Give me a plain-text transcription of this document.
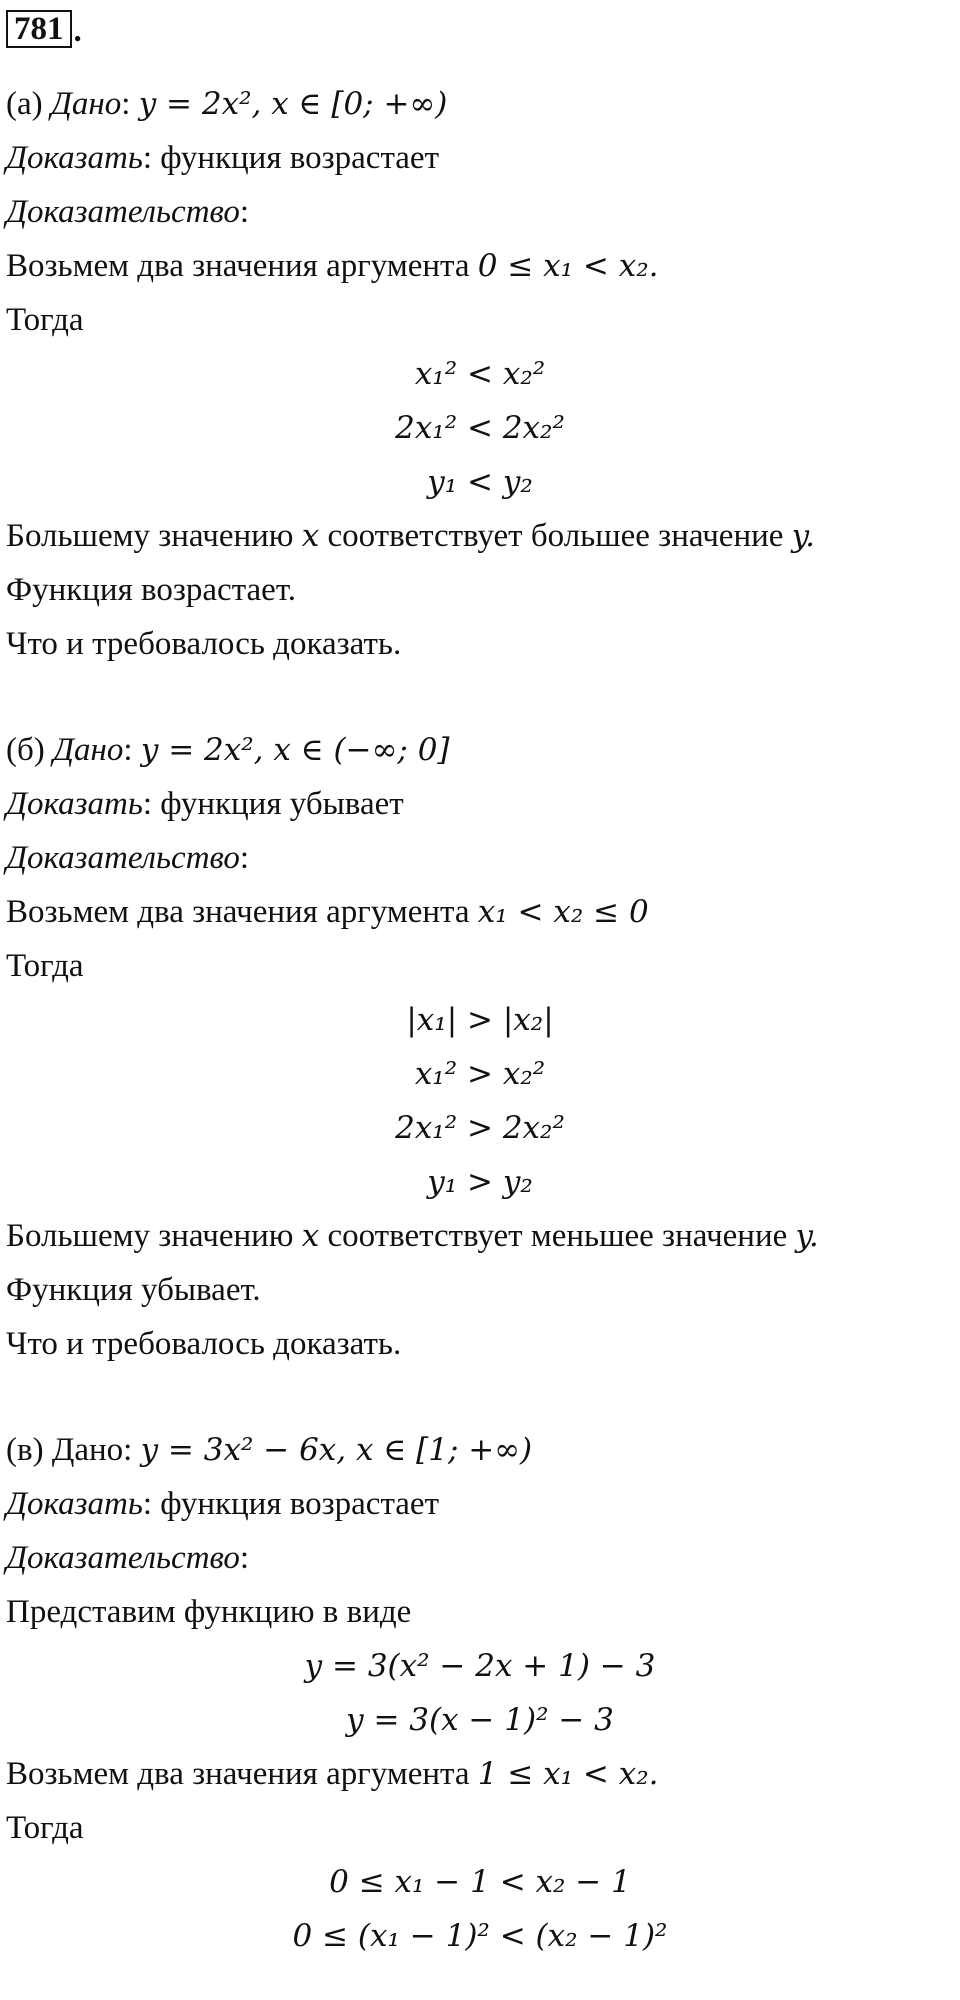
781 .
(а) Дано: y = 2x², x ∈ [0; +∞)
Доказать: функция возрастает
Доказательство:
Возьмем два значения аргумента 0 ≤ x₁ < x₂.
Тогда
x₁² < x₂²
2x₁² < 2x₂²
y₁ < y₂
Большему значению x соответствует большее значение y.
Функция возрастает.
Что и требовалось доказать.
(б) Дано: y = 2x², x ∈ (−∞; 0]
Доказать: функция убывает
Доказательство:
Возьмем два значения аргумента x₁ < x₂ ≤ 0
Тогда
|x₁| > |x₂|
x₁² > x₂²
2x₁² > 2x₂²
y₁ > y₂
Большему значению x соответствует меньшее значение y.
Функция убывает.
Что и требовалось доказать.
(в) Дано: y = 3x² − 6x, x ∈ [1; +∞)
Доказать: функция возрастает
Доказательство:
Представим функцию в виде
y = 3(x² − 2x + 1) − 3
y = 3(x − 1)² − 3
Возьмем два значения аргумента 1 ≤ x₁ < x₂.
Тогда
0 ≤ x₁ − 1 < x₂ − 1
0 ≤ (x₁ − 1)² < (x₂ − 1)²
